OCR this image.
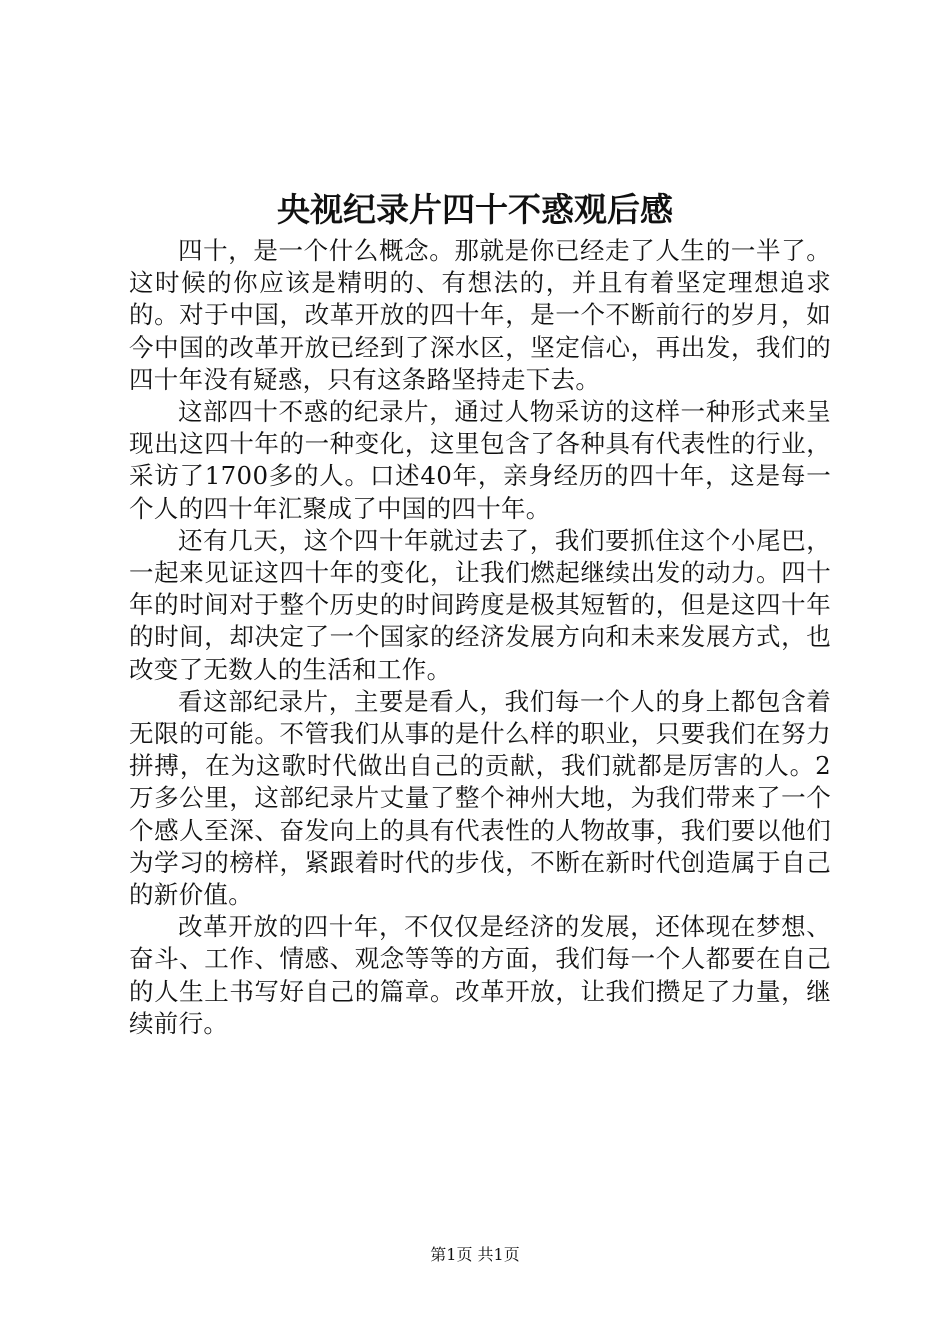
央视纪录片四十不惑观后感

四十，是一个什么概念。那就是你已经走了人生的一半了。这时候的你应该是精明的、有想法的，并且有着坚定理想追求的。对于中国，改革开放的四十年，是一个不断前行的岁月，如今中国的改革开放已经到了深水区，坚定信心，再出发，我们的四十年没有疑惑，只有这条路坚持走下去。

这部四十不惑的纪录片，通过人物采访的这样一种形式来呈现出这四十年的一种变化，这里包含了各种具有代表性的行业，采访了1700多的人。口述40年，亲身经历的四十年，这是每一个人的四十年汇聚成了中国的四十年。

还有几天，这个四十年就过去了，我们要抓住这个小尾巴，一起来见证这四十年的变化，让我们燃起继续出发的动力。四十年的时间对于整个历史的时间跨度是极其短暂的，但是这四十年的时间，却决定了一个国家的经济发展方向和未来发展方式，也改变了无数人的生活和工作。

看这部纪录片，主要是看人，我们每一个人的身上都包含着无限的可能。不管我们从事的是什么样的职业，只要我们在努力拼搏，在为这歌时代做出自己的贡献，我们就都是厉害的人。2万多公里，这部纪录片丈量了整个神州大地，为我们带来了一个个感人至深、奋发向上的具有代表性的人物故事，我们要以他们为学习的榜样，紧跟着时代的步伐，不断在新时代创造属于自己的新价值。

改革开放的四十年，不仅仅是经济的发展，还体现在梦想、奋斗、工作、情感、观念等等的方面，我们每一个人都要在自己的人生上书写好自己的篇章。改革开放，让我们攒足了力量，继续前行。

第1页 共1页
